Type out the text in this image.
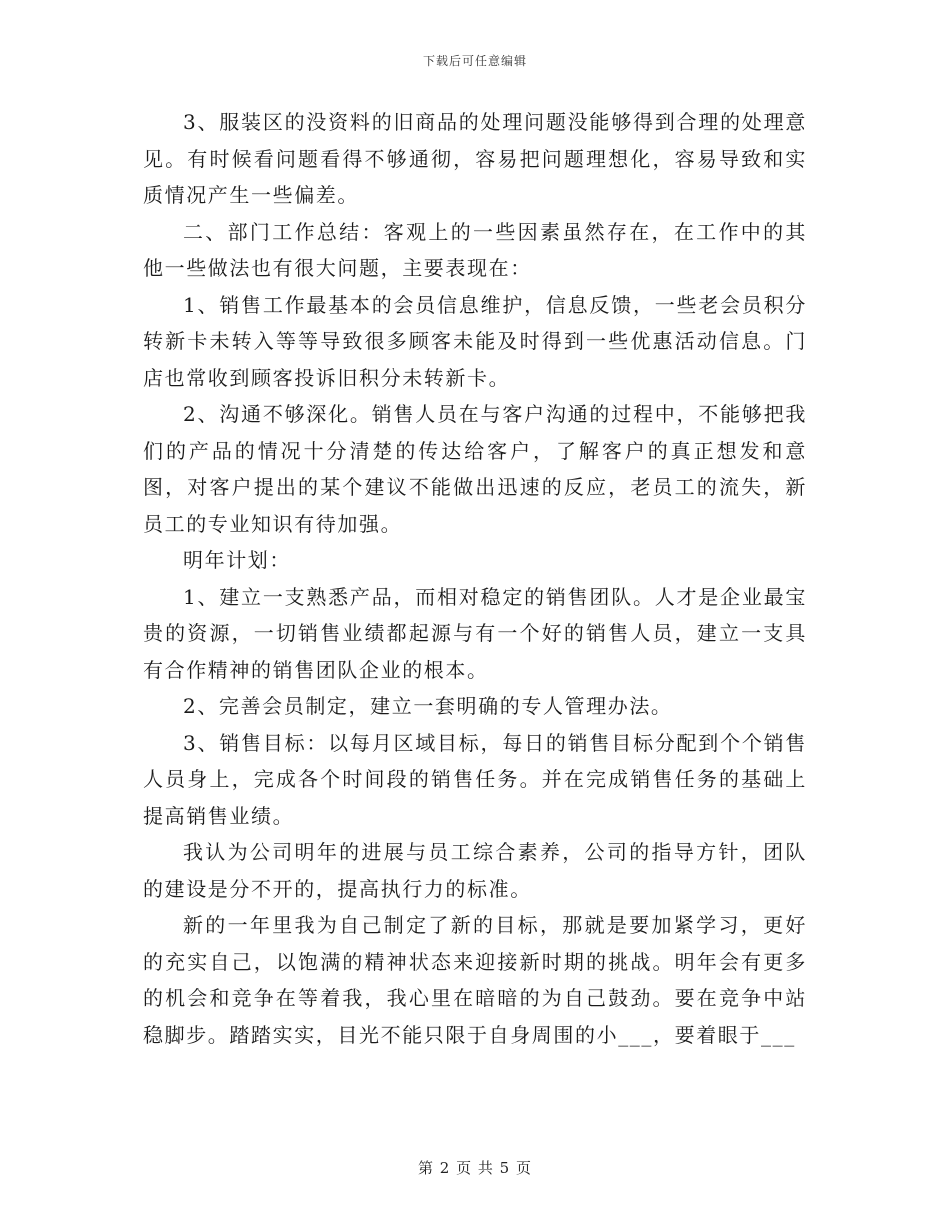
下载后可任意编辑

3、服装区的没资料的旧商品的处理问题没能够得到合理的处理意见。有时候看问题看得不够通彻，容易把问题理想化，容易导致和实质情况产生一些偏差。

二、部门工作总结：客观上的一些因素虽然存在，在工作中的其他一些做法也有很大问题，主要表现在：

1、销售工作最基本的会员信息维护，信息反馈，一些老会员积分转新卡未转入等等导致很多顾客未能及时得到一些优惠活动信息。门店也常收到顾客投诉旧积分未转新卡。

2、沟通不够深化。销售人员在与客户沟通的过程中，不能够把我们的产品的情况十分清楚的传达给客户，了解客户的真正想发和意图，对客户提出的某个建议不能做出迅速的反应，老员工的流失，新员工的专业知识有待加强。

明年计划：

1、建立一支熟悉产品，而相对稳定的销售团队。人才是企业最宝贵的资源，一切销售业绩都起源与有一个好的销售人员，建立一支具有合作精神的销售团队企业的根本。

2、完善会员制定，建立一套明确的专人管理办法。

3、销售目标：以每月区域目标，每日的销售目标分配到个个销售人员身上，完成各个时间段的销售任务。并在完成销售任务的基础上提高销售业绩。

我认为公司明年的进展与员工综合素养，公司的指导方针，团队的建设是分不开的，提高执行力的标准。

新的一年里我为自己制定了新的目标，那就是要加紧学习，更好的充实自己，以饱满的精神状态来迎接新时期的挑战。明年会有更多的机会和竞争在等着我，我心里在暗暗的为自己鼓劲。要在竞争中站稳脚步。踏踏实实，目光不能只限于自身周围的小___，要着眼于___

第 2 页 共 5 页
